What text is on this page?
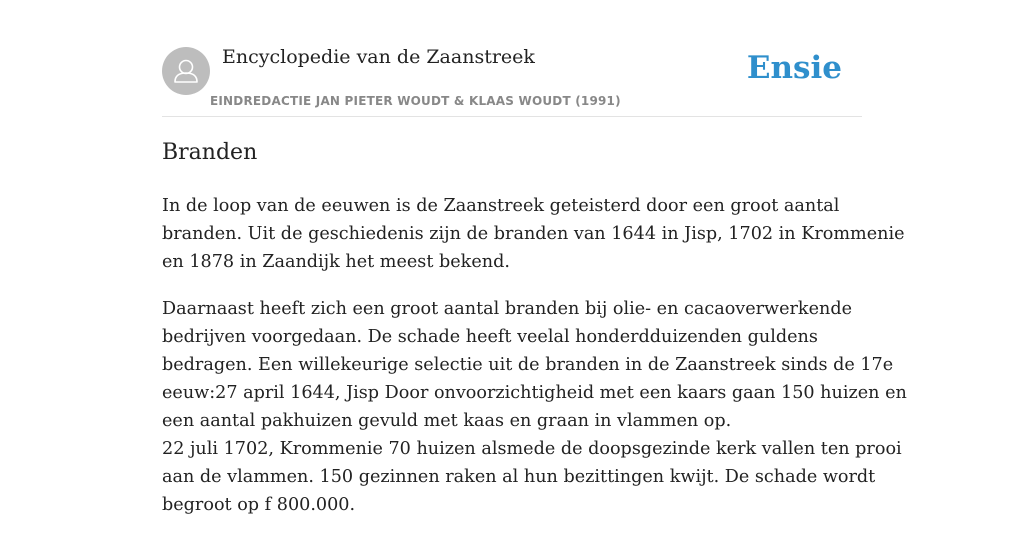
Encyclopedie van de Zaanstreek
EINDREDACTIE JAN PIETER WOUDT & KLAAS WOUDT (1991)
Ensie
Branden

In de loop van de eeuwen is de Zaanstreek geteisterd door een groot aantal
branden. Uit de geschiedenis zijn de branden van 1644 in Jisp, 1702 in Krommenie
en 1878 in Zaandijk het meest bekend.

Daarnaast heeft zich een groot aantal branden bij olie- en cacaoverwerkende
bedrijven voorgedaan. De schade heeft veelal honderdduizenden guldens
bedragen. Een willekeurige selectie uit de branden in de Zaanstreek sinds de 17e
eeuw:27 april 1644, Jisp Door onvoorzichtigheid met een kaars gaan 150 huizen en
een aantal pakhuizen gevuld met kaas en graan in vlammen op.
22 juli 1702, Krommenie 70 huizen alsmede de doopsgezinde kerk vallen ten prooi
aan de vlammen. 150 gezinnen raken al hun bezittingen kwijt. De schade wordt
begroot op f 800.000.
